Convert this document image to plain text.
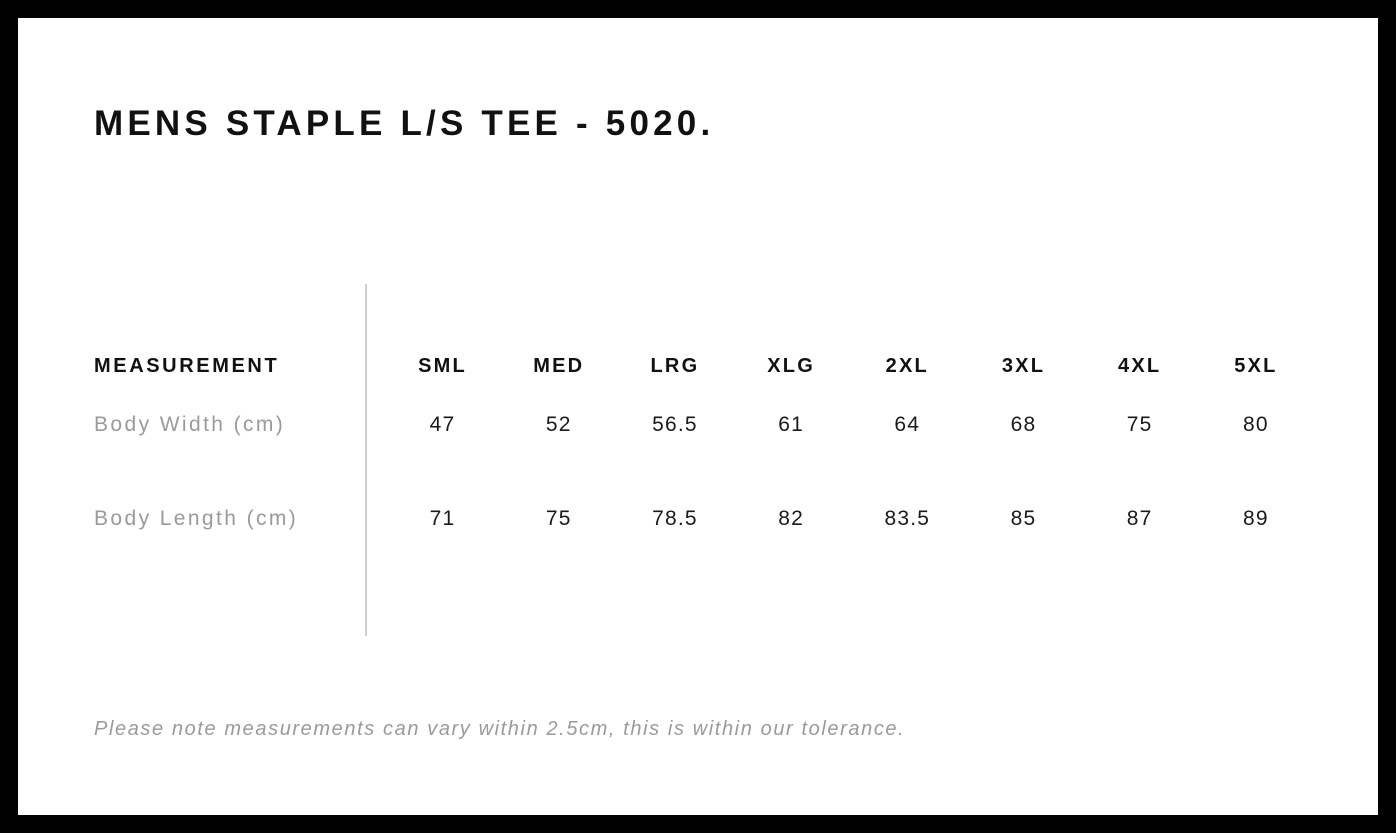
MENS STAPLE L/S TEE - 5020.
MEASUREMENT	SML	MED	LRG	XLG	2XL	3XL	4XL	5XL
Body Width (cm)	47	52	56.5	61	64	68	75	80
Body Length (cm)	71	75	78.5	82	83.5	85	87	89
Please note measurements can vary within 2.5cm, this is within our tolerance.
